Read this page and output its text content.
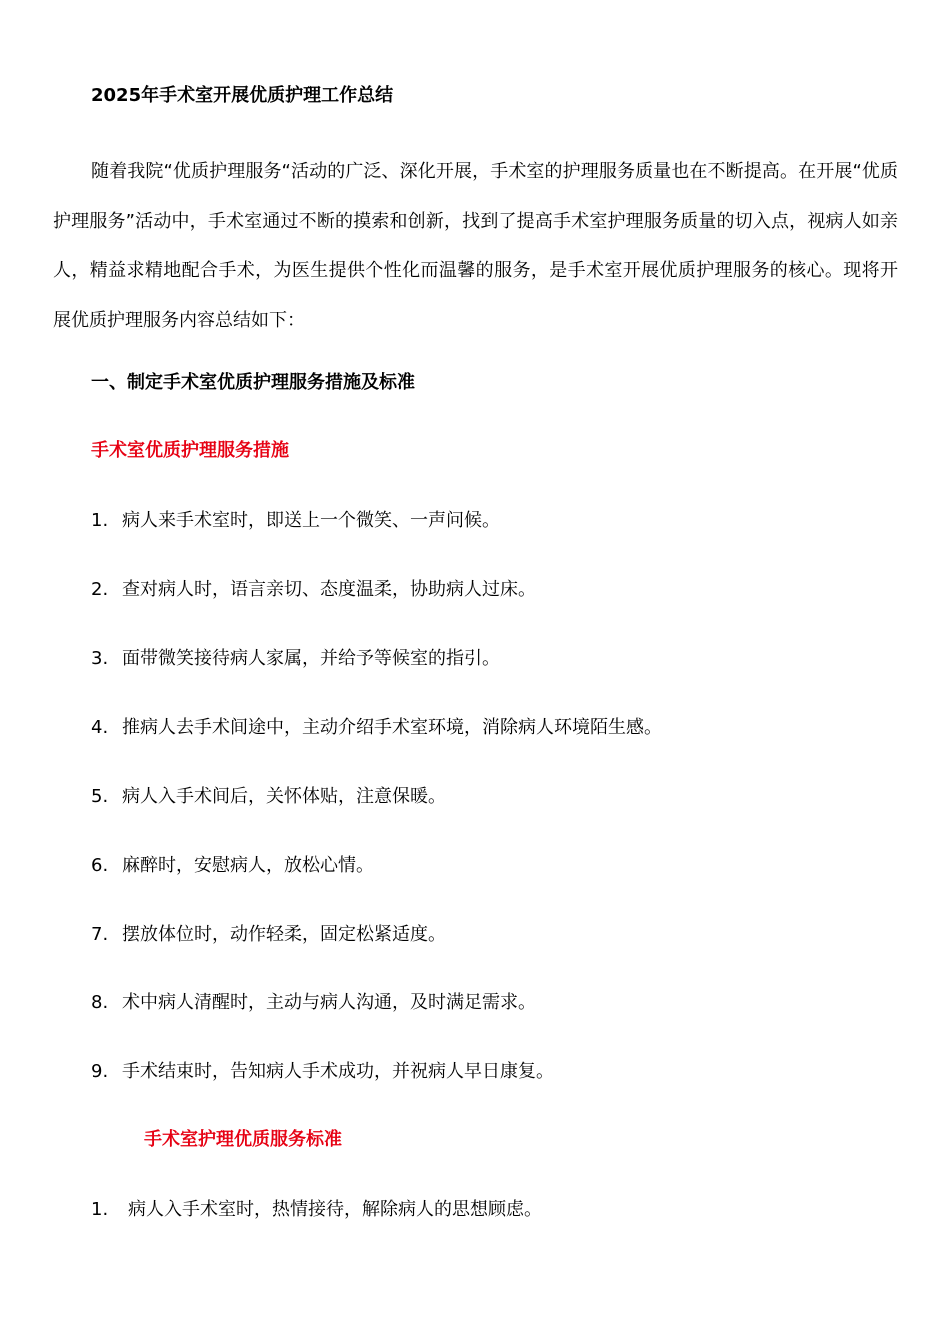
2025年手术室开展优质护理工作总结

随着我院“优质护理服务“活动的广泛、深化开展，手术室的护理服务质量也在不断提高。在开展“优质护理服务”活动中，手术室通过不断的摸索和创新，找到了提高手术室护理服务质量的切入点，视病人如亲人，精益求精地配合手术，为医生提供个性化而温馨的服务，是手术室开展优质护理服务的核心。现将开展优质护理服务内容总结如下：

一、制定手术室优质护理服务措施及标准
手术室优质护理服务措施
1. 病人来手术室时，即送上一个微笑、一声问候。
2. 查对病人时，语言亲切、态度温柔，协助病人过床。
3. 面带微笑接待病人家属，并给予等候室的指引。
4. 推病人去手术间途中，主动介绍手术室环境，消除病人环境陌生感。
5. 病人入手术间后，关怀体贴，注意保暖。
6. 麻醉时，安慰病人，放松心情。
7. 摆放体位时，动作轻柔，固定松紧适度。
8. 术中病人清醒时，主动与病人沟通，及时满足需求。
9. 手术结束时，告知病人手术成功，并祝病人早日康复。
手术室护理优质服务标准
1. 病人入手术室时，热情接待，解除病人的思想顾虑。
